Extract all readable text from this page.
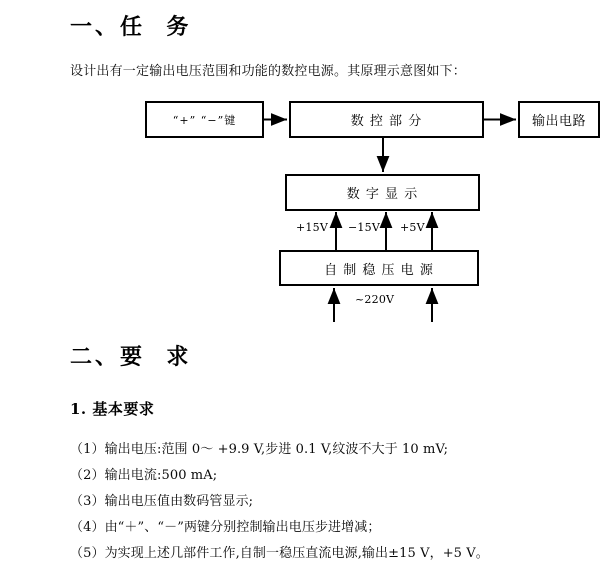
一、任  务
设计出有一定输出电压范围和功能的数控电源。其原理示意图如下：
“+” “−”键	数 控 部 分	输出电路
数 字 显 示
自 制 稳 压 电 源
+15V −15V +5V
~220V
二、要  求
1. 基本要求
（1）输出电压:范围 0～ +9.9 V,步进 0.1 V,纹波不大于 10 mV;
（2）输出电流:500 mA;
（3）输出电压值由数码管显示;
（4）由“＋”、“－”两键分别控制输出电压步进增减；
（5）为实现上述几部件工作,自制一稳压直流电源,输出±15 V，+5 V。
